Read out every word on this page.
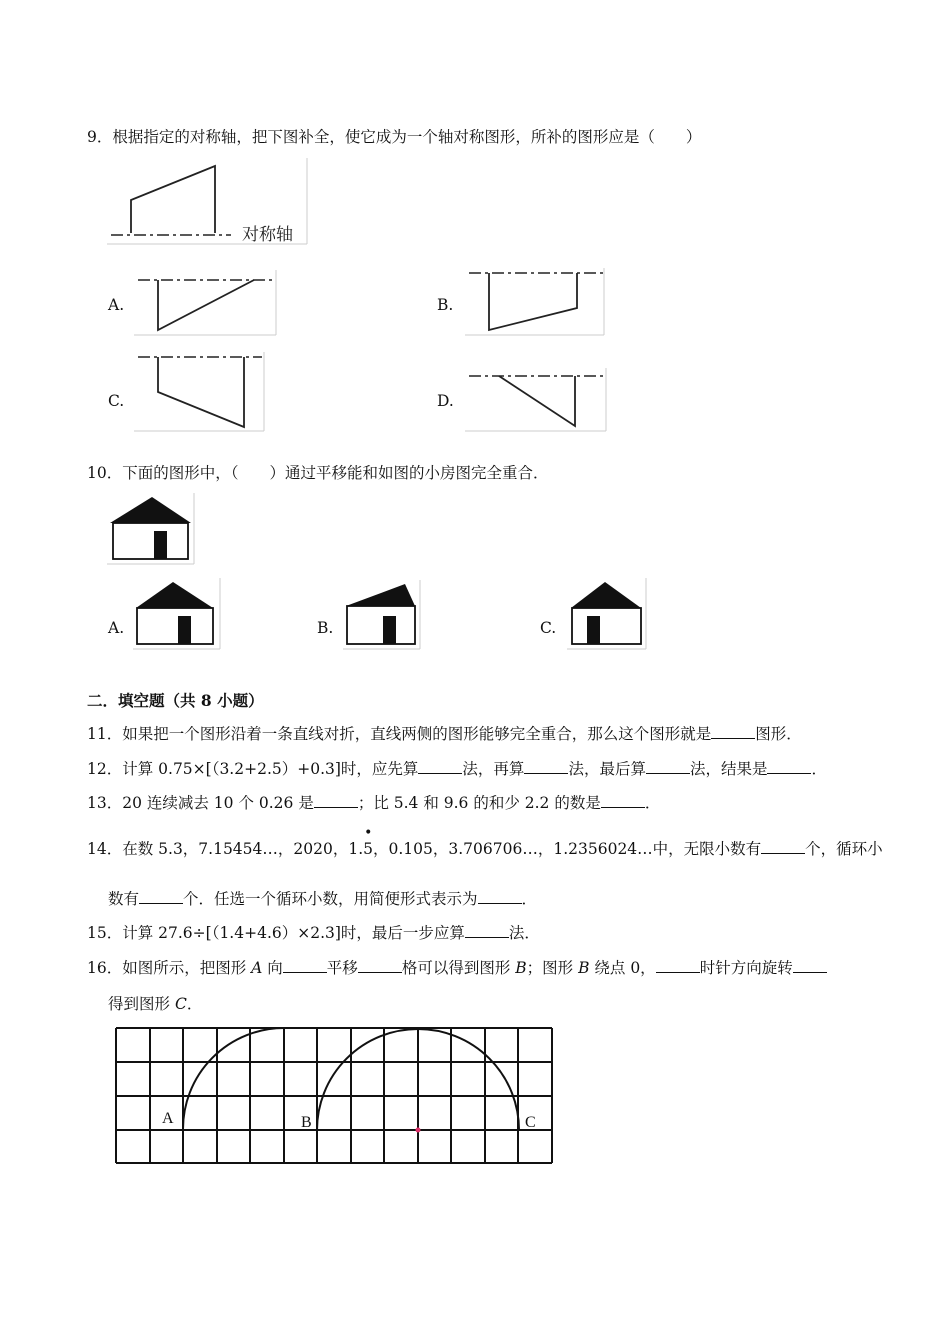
9．根据指定的对称轴，把下图补全，使它成为一个轴对称图形，所补的图形应是（　　）
对称轴
A.	B.
C.	D.
10．下面的图形中，（　　）通过平移能和如图的小房图完全重合．
A.	B.	C.
二．填空题（共 8 小题）
11．如果把一个图形沿着一条直线对折，直线两侧的图形能够完全重合，那么这个图形就是	图形．
12．计算 0.75×[（3.2+2.5）+0.3]时，应先算	法，再算	法，最后算	法，结果是	．
13．20 连续减去 10 个 0.26 是	；比 5.4 和 9.6 的和少 2.2 的数是	．
14．在数 5.3，7.15454…，2020，1.
•
5，0.105，3.706706…，1.2356024…中，无限小数有	个，循环小
数有	个．任选一个循环小数，用简便形式表示为	．
15．计算 27.6÷[（1.4+4.6）×2.3]时，最后一步应算	法．
16．如图所示，把图形 A 向	平移	格可以得到图形 B；图形 B 绕点 0，	时针方向旋转
得到图形 C．
A	B	C
